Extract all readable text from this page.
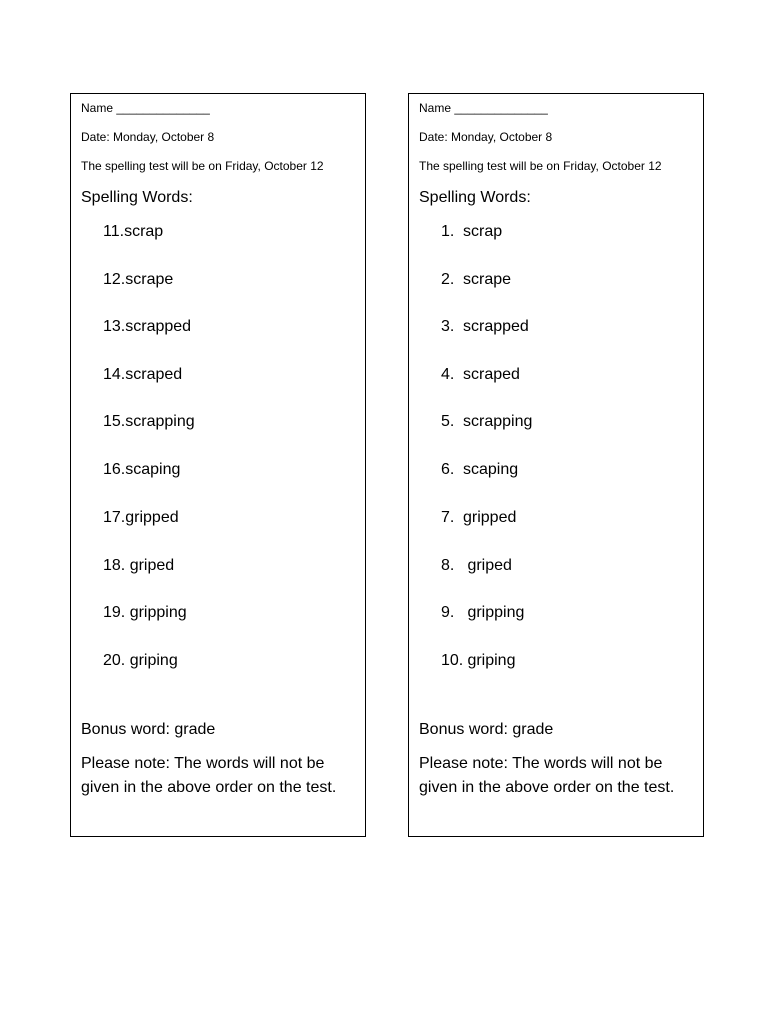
Name ______________
Date: Monday, October 8
The spelling test will be on Friday, October 12
Spelling Words:
11.scrap
12.scrape
13.scrapped
14.scraped
15.scrapping
16.scaping
17.gripped
18. griped
19. gripping
20. griping
Bonus word: grade
Please note: The words will not be given in the above order on the test.
Name ______________
Date: Monday, October 8
The spelling test will be on Friday, October 12
Spelling Words:
1. scrap
2. scrape
3. scrapped
4. scraped
5. scrapping
6. scaping
7. gripped
8. griped
9. gripping
10. griping
Bonus word: grade
Please note: The words will not be given in the above order on the test.
